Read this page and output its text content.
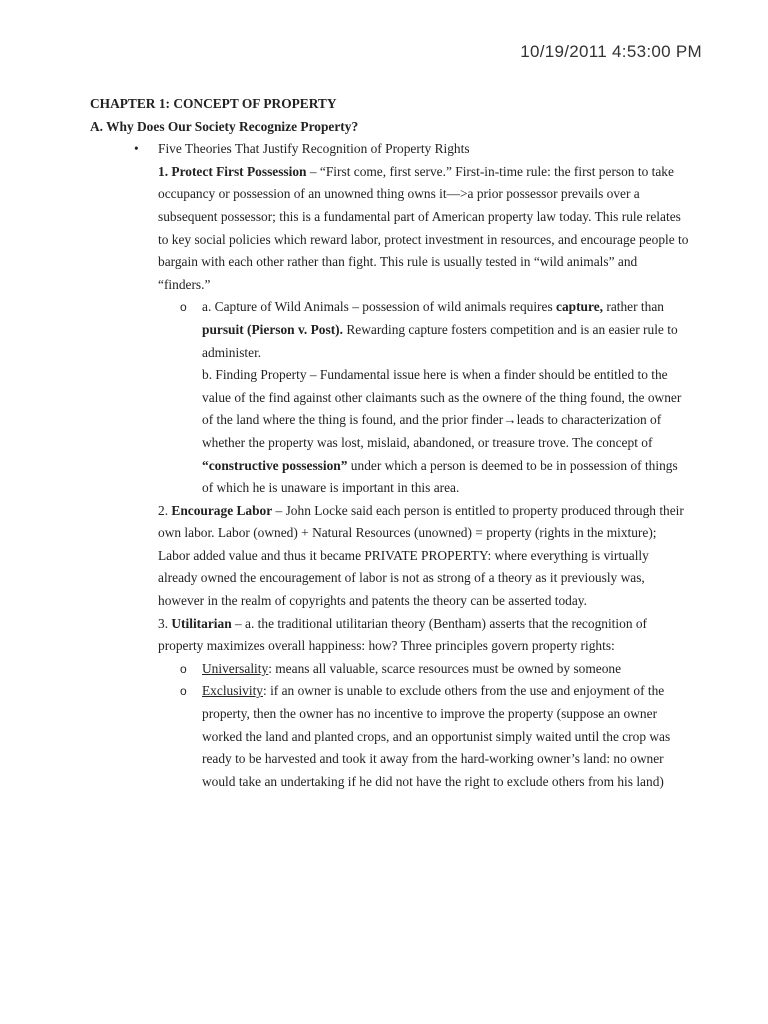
10/19/2011 4:53:00 PM
CHAPTER 1: CONCEPT OF PROPERTY
A. Why Does Our Society Recognize Property?
•	Five Theories That Justify Recognition of Property Rights
1. Protect First Possession – “First come, first serve.” First-in-time rule: the first person to take occupancy or possession of an unowned thing owns it—>a prior possessor prevails over a subsequent possessor; this is a fundamental part of American property law today. This rule relates to key social policies which reward labor, protect investment in resources, and encourage people to bargain with each other rather than fight. This rule is usually tested in “wild animals” and “finders.”
o	a. Capture of Wild Animals – possession of wild animals requires capture, rather than pursuit (Pierson v. Post). Rewarding capture fosters competition and is an easier rule to administer.
b. Finding Property – Fundamental issue here is when a finder should be entitled to the value of the find against other claimants such as the ownere of the thing found, the owner of the land where the thing is found, and the prior finder→leads to characterization of whether the property was lost, mislaid, abandoned, or treasure trove. The concept of “constructive possession” under which a person is deemed to be in possession of things of which he is unaware is important in this area.
2. Encourage Labor – John Locke said each person is entitled to property produced through their own labor. Labor (owned) + Natural Resources (unowned) = property (rights in the mixture); Labor added value and thus it became PRIVATE PROPERTY: where everything is virtually already owned the encouragement of labor is not as strong of a theory as it previously was, however in the realm of copyrights and patents the theory can be asserted today.
3. Utilitarian – a. the traditional utilitarian theory (Bentham) asserts that the recognition of property maximizes overall happiness: how? Three principles govern property rights:
o	Universality: means all valuable, scarce resources must be owned by someone
o	Exclusivity: if an owner is unable to exclude others from the use and enjoyment of the property, then the owner has no incentive to improve the property (suppose an owner worked the land and planted crops, and an opportunist simply waited until the crop was ready to be harvested and took it away from the hard-working owner’s land: no owner would take an undertaking if he did not have the right to exclude others from his land)
